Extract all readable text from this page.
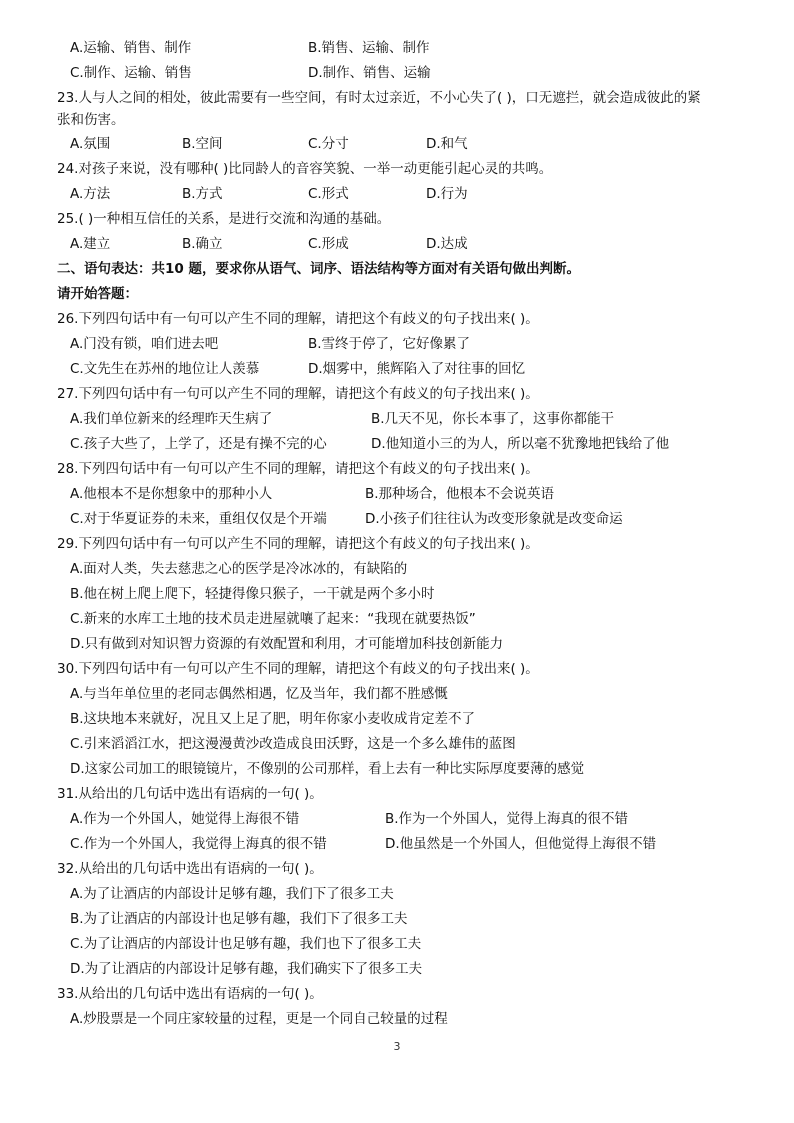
A.运输、销售、制作	B.销售、运输、制作
C.制作、运输、销售	D.制作、销售、运输
23.人与人之间的相处，彼此需要有一些空间，有时太过亲近，不小心失了( )，口无遮拦，就会造成彼此的紧
张和伤害。
A.氛围	B.空间	C.分寸	D.和气
24.对孩子来说，没有哪种( )比同龄人的音容笑貌、一举一动更能引起心灵的共鸣。
A.方法	B.方式	C.形式	D.行为
25.( )一种相互信任的关系，是进行交流和沟通的基础。
A.建立	B.确立	C.形成	D.达成
二、语句表达：共10 题，要求你从语气、词序、语法结构等方面对有关语句做出判断。
请开始答题：
26.下列四句话中有一句可以产生不同的理解，请把这个有歧义的句子找出来( )。
A.门没有锁，咱们进去吧	B.雪终于停了，它好像累了
C.文先生在苏州的地位让人羡慕	D.烟雾中，熊辉陷入了对往事的回忆
27.下列四句话中有一句可以产生不同的理解，请把这个有歧义的句子找出来( )。
A.我们单位新来的经理昨天生病了	B.几天不见，你长本事了，这事你都能干
C.孩子大些了，上学了，还是有操不完的心	D.他知道小三的为人，所以毫不犹豫地把钱给了他
28.下列四句话中有一句可以产生不同的理解，请把这个有歧义的句子找出来( )。
A.他根本不是你想象中的那种小人	B.那种场合，他根本不会说英语
C.对于华夏证券的未来，重组仅仅是个开端	D.小孩子们往往认为改变形象就是改变命运
29.下列四句话中有一句可以产生不同的理解，请把这个有歧义的句子找出来( )。
A.面对人类，失去慈悲之心的医学是冷冰冰的，有缺陷的
B.他在树上爬上爬下，轻捷得像只猴子，一干就是两个多小时
C.新来的水库工土地的技术员走进屋就嚷了起来：“我现在就要热饭”
D.只有做到对知识智力资源的有效配置和利用，才可能增加科技创新能力
30.下列四句话中有一句可以产生不同的理解，请把这个有歧义的句子找出来( )。
A.与当年单位里的老同志偶然相遇，忆及当年，我们都不胜感慨
B.这块地本来就好，况且又上足了肥，明年你家小麦收成肯定差不了
C.引来滔滔江水，把这漫漫黄沙改造成良田沃野，这是一个多么雄伟的蓝图
D.这家公司加工的眼镜镜片，不像别的公司那样，看上去有一种比实际厚度要薄的感觉
31.从给出的几句话中选出有语病的一句( )。
A.作为一个外国人，她觉得上海很不错	B.作为一个外国人，觉得上海真的很不错
C.作为一个外国人，我觉得上海真的很不错	D.他虽然是一个外国人，但他觉得上海很不错
32.从给出的几句话中选出有语病的一句( )。
A.为了让酒店的内部设计足够有趣，我们下了很多工夫
B.为了让酒店的内部设计也足够有趣，我们下了很多工夫
C.为了让酒店的内部设计也足够有趣，我们也下了很多工夫
D.为了让酒店的内部设计足够有趣，我们确实下了很多工夫
33.从给出的几句话中选出有语病的一句( )。
A.炒股票是一个同庄家较量的过程，更是一个同自己较量的过程
3
